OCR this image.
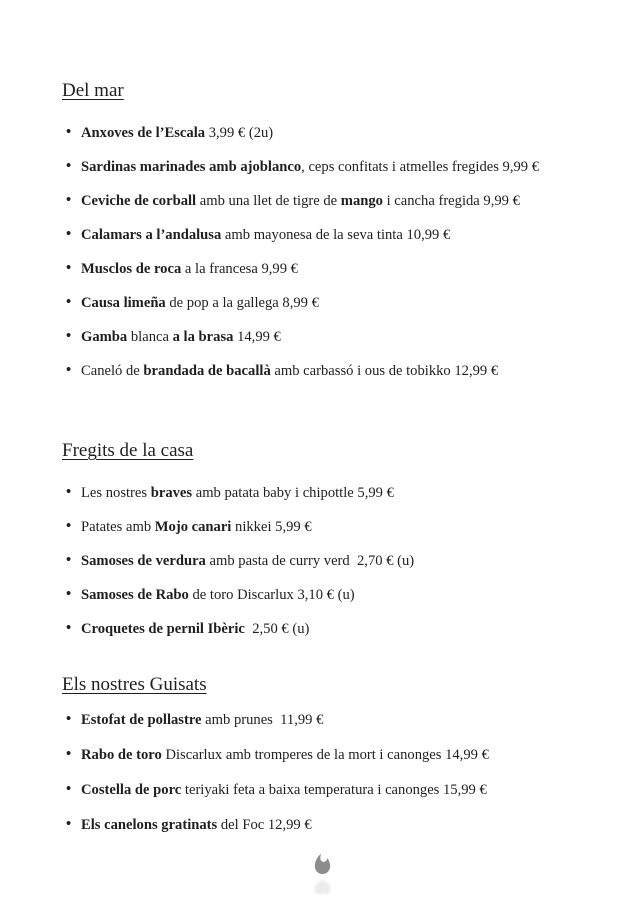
Del mar
• Anxoves de l’Escala 3,99 € (2u)
• Sardinas marinades amb ajoblanco, ceps confitats i atmelles fregides 9,99 €
• Ceviche de corball amb una llet de tigre de mango i cancha fregida 9,99 €
• Calamars a l’andalusa amb mayonesa de la seva tinta 10,99 €
• Musclos de roca a la francesa 9,99 €
• Causa limeña de pop a la gallega 8,99 €
• Gamba blanca a la brasa 14,99 €
• Caneló de brandada de bacallà amb carbassó i ous de tobikko 12,99 €
Fregits de la casa
• Les nostres braves amb patata baby i chipottle 5,99 €
• Patates amb Mojo canari nikkei 5,99 €
• Samoses de verdura amb pasta de curry verd  2,70 € (u)
• Samoses de Rabo de toro Discarlux 3,10 € (u)
• Croquetes de pernil Ibèric  2,50 € (u)
Els nostres Guisats
• Estofat de pollastre amb prunes  11,99 €
• Rabo de toro Discarlux amb tromperes de la mort i canonges 14,99 €
• Costella de porc teriyaki feta a baixa temperatura i canonges 15,99 €
• Els canelons gratinats del Foc 12,99 €
